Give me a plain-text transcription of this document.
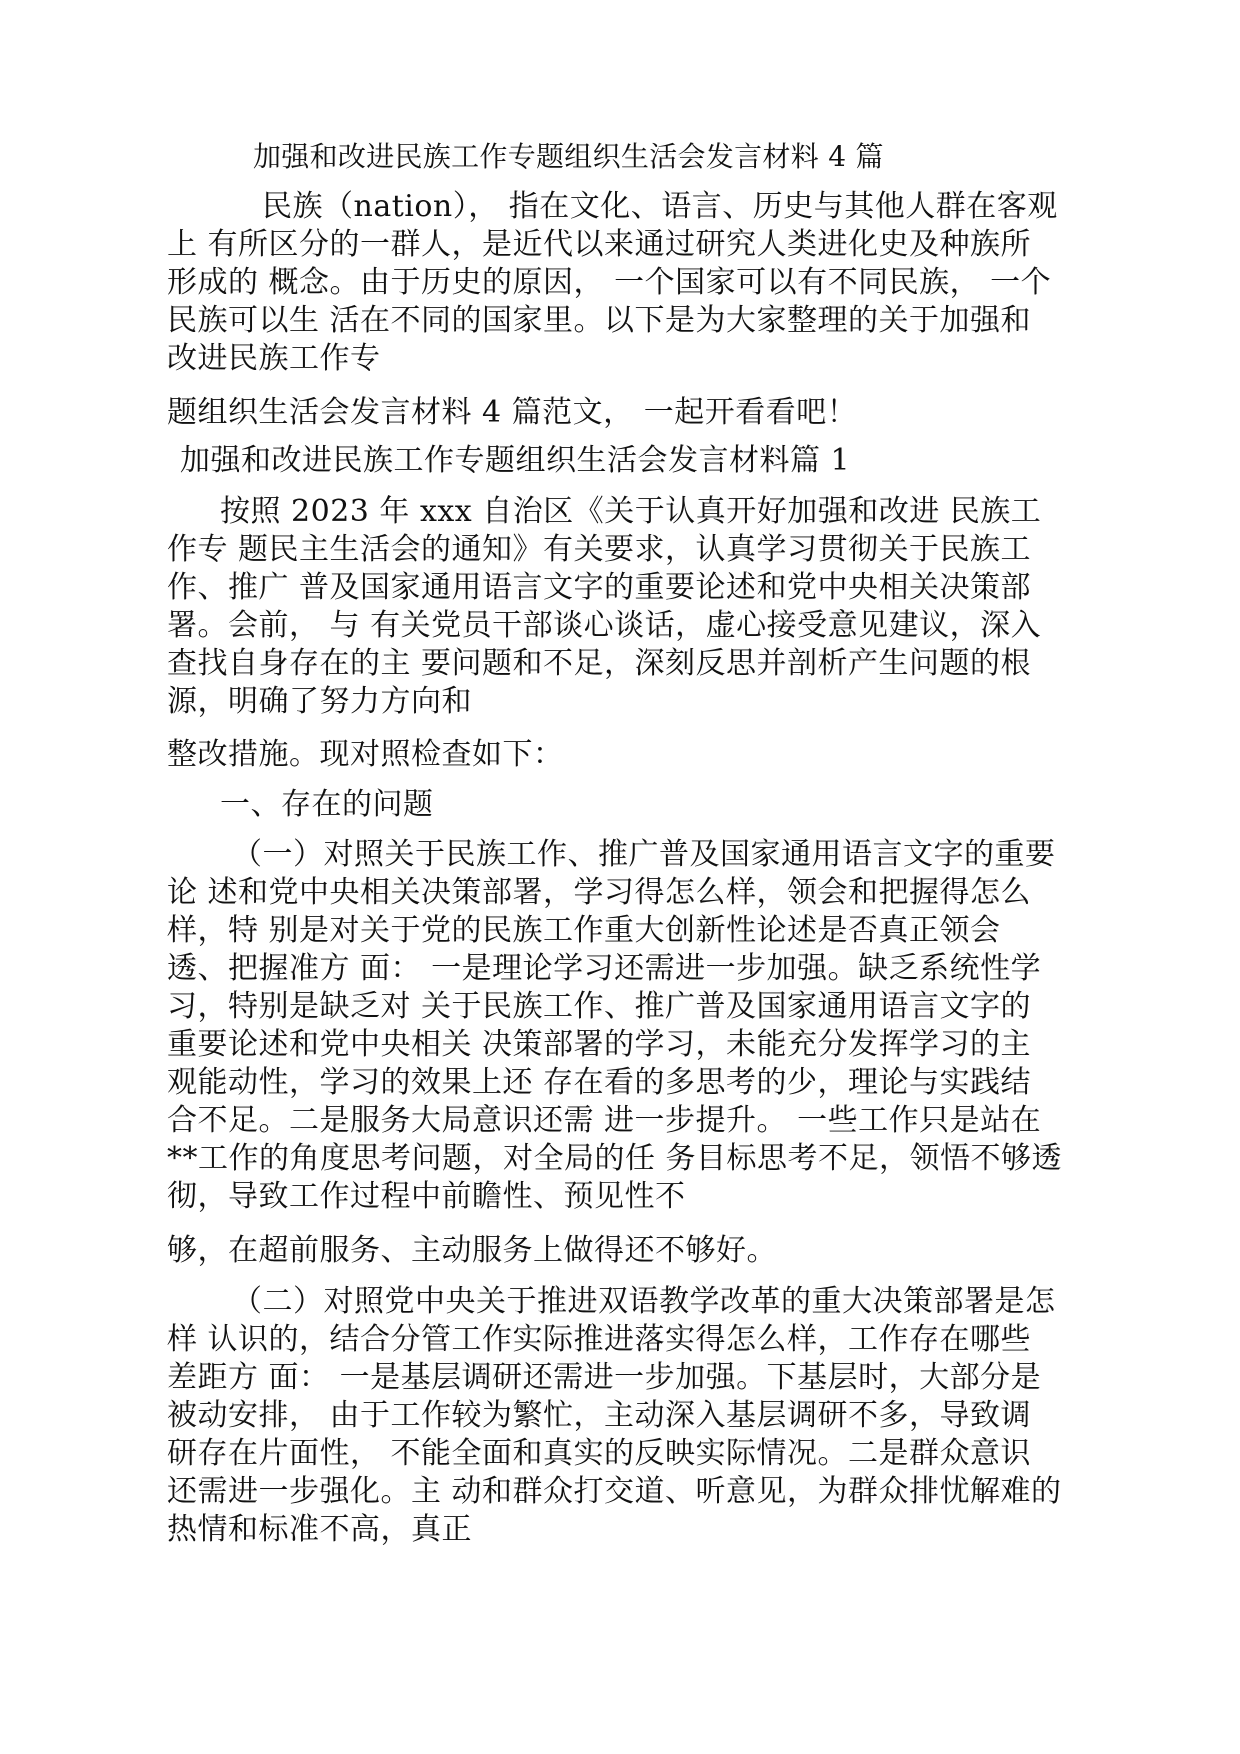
加强和改进民族工作专题组织生活会发言材料 4 篇
民族（nation）， 指在文化、语言、历史与其他人群在客观
上 有所区分的一群人，是近代以来通过研究人类进化史及种族所
形成的 概念。由于历史的原因， 一个国家可以有不同民族， 一个
民族可以生 活在不同的国家里。以下是为大家整理的关于加强和
改进民族工作专
题组织生活会发言材料 4 篇范文， 一起开看看吧！
加强和改进民族工作专题组织生活会发言材料篇 1
按照 2023 年 xxx 自治区《关于认真开好加强和改进 民族工
作专 题民主生活会的通知》有关要求，认真学习贯彻关于民族工
作、推广 普及国家通用语言文字的重要论述和党中央相关决策部
署。会前， 与 有关党员干部谈心谈话，虚心接受意见建议，深入
查找自身存在的主 要问题和不足，深刻反思并剖析产生问题的根
源，明确了努力方向和
整改措施。现对照检查如下：
一、存在的问题
（一）对照关于民族工作、推广普及国家通用语言文字的重要
论 述和党中央相关决策部署，学习得怎么样，领会和把握得怎么
样，特 别是对关于党的民族工作重大创新性论述是否真正领会
透、把握准方 面： 一是理论学习还需进一步加强。缺乏系统性学
习，特别是缺乏对 关于民族工作、推广普及国家通用语言文字的
重要论述和党中央相关 决策部署的学习，未能充分发挥学习的主
观能动性，学习的效果上还 存在看的多思考的少，理论与实践结
合不足。二是服务大局意识还需 进一步提升。 一些工作只是站在
**工作的角度思考问题，对全局的任 务目标思考不足，领悟不够透
彻，导致工作过程中前瞻性、预见性不
够，在超前服务、主动服务上做得还不够好。
（二）对照党中央关于推进双语教学改革的重大决策部署是怎
样 认识的，结合分管工作实际推进落实得怎么样，工作存在哪些
差距方 面： 一是基层调研还需进一步加强。下基层时，大部分是
被动安排， 由于工作较为繁忙，主动深入基层调研不多，导致调
研存在片面性， 不能全面和真实的反映实际情况。二是群众意识
还需进一步强化。主 动和群众打交道、听意见，为群众排忧解难的
热情和标准不高，真正
